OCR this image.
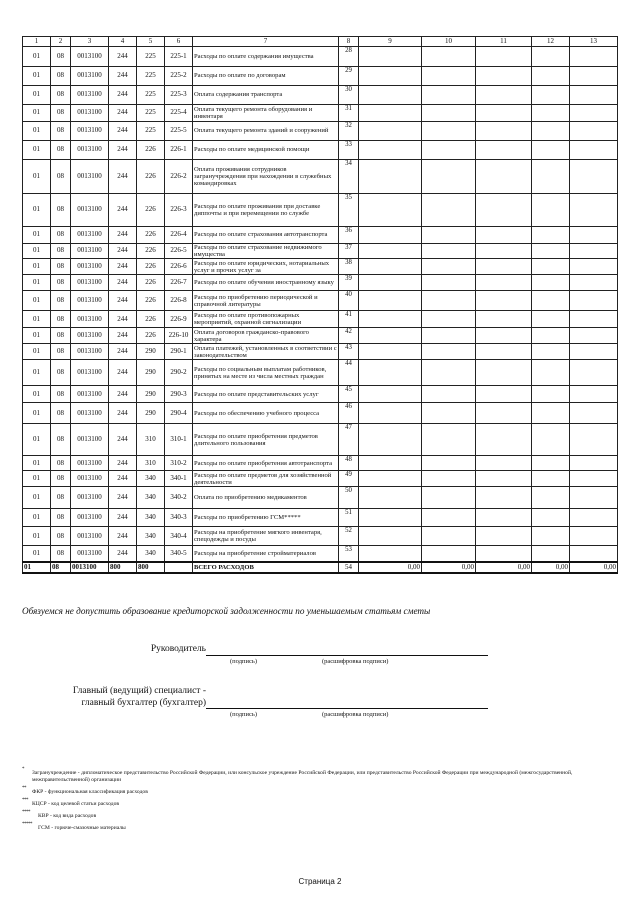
1	2	3	4	5	6	7	8	9	10	11	12	13
01	08	0013100	244	225	225-1	Расходы по оплате содержания имущества	28					
01	08	0013100	244	225	225-2	Расходы по оплате по договорам	29					
01	08	0013100	244	225	225-3	Оплата содержания транспорта	30					
01	08	0013100	244	225	225-4	Оплата текущего ремонта оборудования и инвентаря	31					
01	08	0013100	244	225	225-5	Оплата текущего ремонта зданий и сооружений	32					
01	08	0013100	244	226	226-1	Расходы по оплате медицинской помощи	33					
01	08	0013100	244	226	226-2	Оплата проживания сотрудников загранучреждения при нахождении в служебных командировках	34					
01	08	0013100	244	226	226-3	Расходы по оплате проживания при доставке диппочты и при перемещении по службе	35					
01	08	0013100	244	226	226-4	Расходы по оплате страхования автотранспорта	36					
01	08	0013100	244	226	226-5	Расходы по оплате страхование недвижимого имущества	37					
01	08	0013100	244	226	226-6	Расходы по оплате юридических, нотариальных услуг и прочих услуг за	38					
01	08	0013100	244	226	226-7	Расходы по оплате обучения иностранному языку	39					
01	08	0013100	244	226	226-8	Расходы по приобретению периодической и справочной литературы	40					
01	08	0013100	244	226	226-9	Расходы по оплате противопожарных мероприятий, охранной сигнализации	41					
01	08	0013100	244	226	226-10	Оплата договоров гражданско-правового характера	42					
01	08	0013100	244	290	290-1	Оплата платежей, установленных в соответствии с законодательством	43					
01	08	0013100	244	290	290-2	Расходы по социальным выплатам работников, принятых на месте из числа местных граждан	44					
01	08	0013100	244	290	290-3	Расходы по оплате представительских услуг	45					
01	08	0013100	244	290	290-4	Расходы по обеспечению учебного процесса	46					
01	08	0013100	244	310	310-1	Расходы по оплате приобретения предметов длительного пользования	47					
01	08	0013100	244	310	310-2	Расходы по оплате приобретения автотранспорта	48					
01	08	0013100	244	340	340-1	Расходы по оплате предметов для хозяйственной деятельности	49					
01	08	0013100	244	340	340-2	Оплата по приобретению медикаментов	50					
01	08	0013100	244	340	340-3	Расходы по приобретению ГСМ*****	51					
01	08	0013100	244	340	340-4	Расходы на приобретение мягкого инвентаря, спецодежды и посуды	52					
01	08	0013100	244	340	340-5	Расходы на приобретение стройматериалов	53					
01	08	0013100	800	800		ВСЕГО РАСХОДОВ	54	0,00	0,00	0,00	0,00	0,00
Обязуемся не допустить образование кредиторской задолженности по уменьшаемым статьям сметы
Руководитель
(подпись)	(расшифровка подписи)
Главный (ведущий) специалист -
главный бухгалтер (бухгалтер)
(подпись)	(расшифровка подписи)
*
Загранучреждение - дипломатическое представительство Российской Федерации, или консульское учреждение Российской Федерации, или представительство Российской Федерации при международной (межгосударственной, межправительственной) организации
**
ФКР - функциональная классификация расходов
***
КЦСР - код целевой статьи расходов
****
КВР - код вида расходов
*****
ГСМ - горюче-смазочные материалы
Страница 2
